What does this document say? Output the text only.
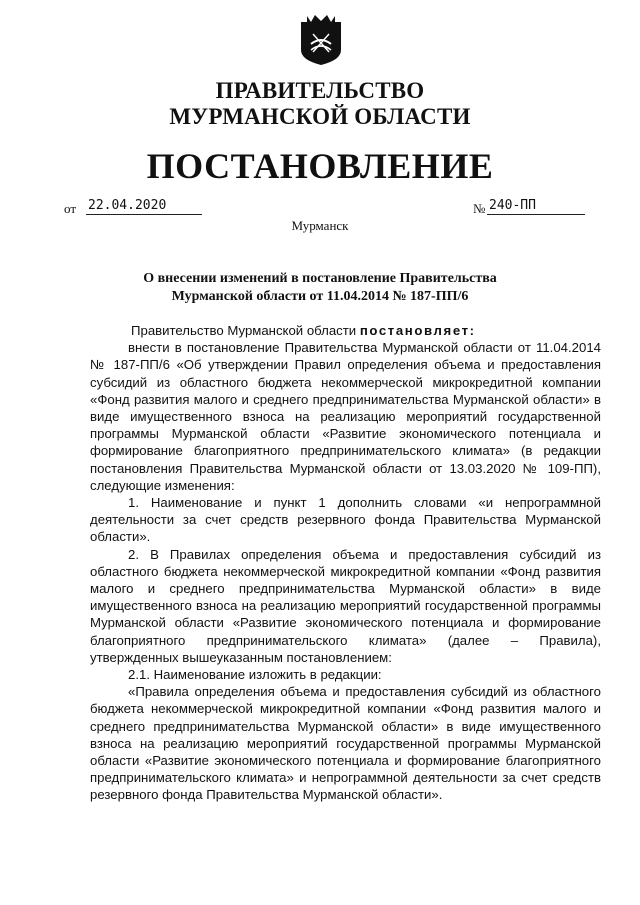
ПРАВИТЕЛЬСТВО
МУРМАНСКОЙ ОБЛАСТИ
ПОСТАНОВЛЕНИЕ
от 22.04.2020	№ 240-ПП
Мурманск
О внесении изменений в постановление Правительства
Мурманской области от 11.04.2014 № 187-ПП/6

Правительство Мурманской области постановляет:

внести в постановление Правительства Мурманской области от 11.04.2014 № 187-ПП/6 «Об утверждении Правил определения объема и предоставления субсидий из областного бюджета некоммерческой микрокредитной компании «Фонд развития малого и среднего предпринимательства Мурманской области» в виде имущественного взноса на реализацию мероприятий государственной программы Мурманской области «Развитие экономического потенциала и формирование благоприятного предпринимательского климата» (в редакции постановления Правительства Мурманской области от 13.03.2020 № 109-ПП), следующие изменения:

1. Наименование и пункт 1 дополнить словами «и непрограммной деятельности за счет средств резервного фонда Правительства Мурманской области».

2. В Правилах определения объема и предоставления субсидий из областного бюджета некоммерческой микрокредитной компании «Фонд развития малого и среднего предпринимательства Мурманской области» в виде имущественного взноса на реализацию мероприятий государственной программы Мурманской области «Развитие экономического потенциала и формирование благоприятного предпринимательского климата» (далее – Правила), утвержденных вышеуказанным постановлением:

2.1. Наименование изложить в редакции:

«Правила определения объема и предоставления субсидий из областного бюджета некоммерческой микрокредитной компании «Фонд развития малого и среднего предпринимательства Мурманской области» в виде имущественного взноса на реализацию мероприятий государственной программы Мурманской области «Развитие экономического потенциала и формирование благоприятного предпринимательского климата» и непрограммной деятельности за счет средств резервного фонда Правительства Мурманской области».
